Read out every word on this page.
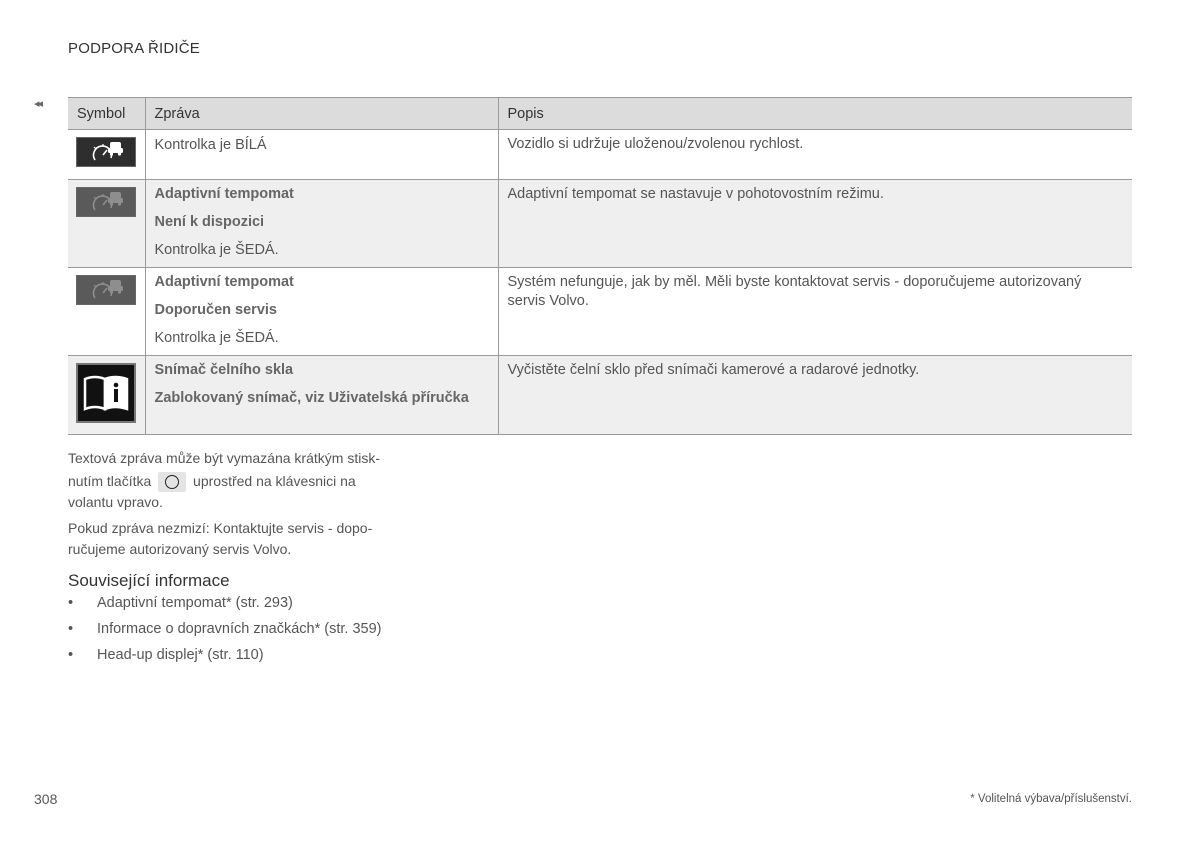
PODPORA ŘIDIČE
◂◂
Symbol	Zpráva	Popis

Kontrolka je BÍLÁ	Vozidlo si udržuje uloženou/zvolenou rychlost.

Adaptivní tempomat
Není k dispozici
Kontrolka je ŠEDÁ.	Adaptivní tempomat se nastavuje v pohotovostním režimu.

Adaptivní tempomat
Doporučen servis
Kontrolka je ŠEDÁ.	Systém nefunguje, jak by měl. Měli byste kontaktovat servis - doporučujeme autorizovaný servis Volvo.

Snímač čelního skla
Zablokovaný snímač, viz Uživatelská příručka	Vyčistěte čelní sklo před snímači kamerové a radarové jednotky.
Textová zpráva může být vymazána krátkým stisk-
nutím tlačítka	uprostřed na klávesnici na
volantu vpravo.
Pokud zpráva nezmizí: Kontaktujte servis - dopo-
ručujeme autorizovaný servis Volvo.
Související informace
• Adaptivní tempomat* (str. 293)
• Informace o dopravních značkách* (str. 359)
• Head-up displej* (str. 110)
308	* Volitelná výbava/příslušenství.
